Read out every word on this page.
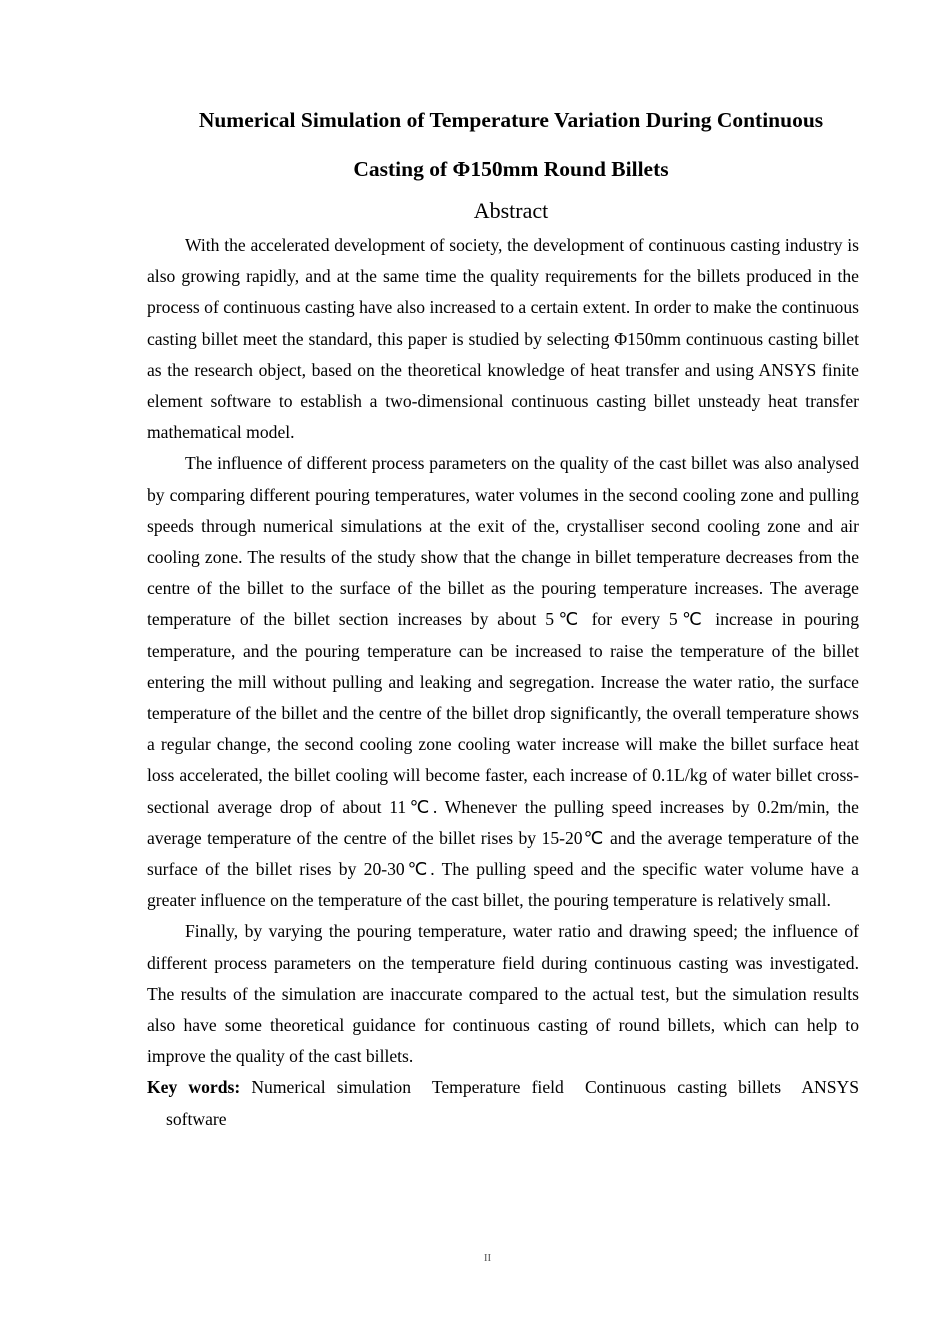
Numerical Simulation of Temperature Variation During Continuous
Casting of Φ150mm Round Billets
Abstract

With the accelerated development of society, the development of continuous casting industry is also growing rapidly, and at the same time the quality requirements for the billets produced in the process of continuous casting have also increased to a certain extent. In order to make the continuous casting billet meet the standard, this paper is studied by selecting Φ150mm continuous casting billet as the research object, based on the theoretical knowledge of heat transfer and using ANSYS finite element software to establish a two-dimensional continuous casting billet unsteady heat transfer mathematical model.

The influence of different process parameters on the quality of the cast billet was also analysed by comparing different pouring temperatures, water volumes in the second cooling zone and pulling speeds through numerical simulations at the exit of the, crystalliser second cooling zone and air cooling zone. The results of the study show that the change in billet temperature decreases from the centre of the billet to the surface of the billet as the pouring temperature increases. The average temperature of the billet section increases by about 5℃ for every 5℃ increase in pouring temperature, and the pouring temperature can be increased to raise the temperature of the billet entering the mill without pulling and leaking and segregation. Increase the water ratio, the surface temperature of the billet and the centre of the billet drop significantly, the overall temperature shows a regular change, the second cooling zone cooling water increase will make the billet surface heat loss accelerated, the billet cooling will become faster, each increase of 0.1L/kg of water billet cross-sectional average drop of about 11℃. Whenever the pulling speed increases by 0.2m/min, the average temperature of the centre of the billet rises by 15-20℃ and the average temperature of the surface of the billet rises by 20-30℃. The pulling speed and the specific water volume have a greater influence on the temperature of the cast billet, the pouring temperature is relatively small.

Finally, by varying the pouring temperature, water ratio and drawing speed; the influence of different process parameters on the temperature field during continuous casting was investigated. The results of the simulation are inaccurate compared to the actual test, but the simulation results also have some theoretical guidance for continuous casting of round billets, which can help to improve the quality of the cast billets.

Key words: Numerical simulation Temperature field Continuous casting billets ANSYS software

II
